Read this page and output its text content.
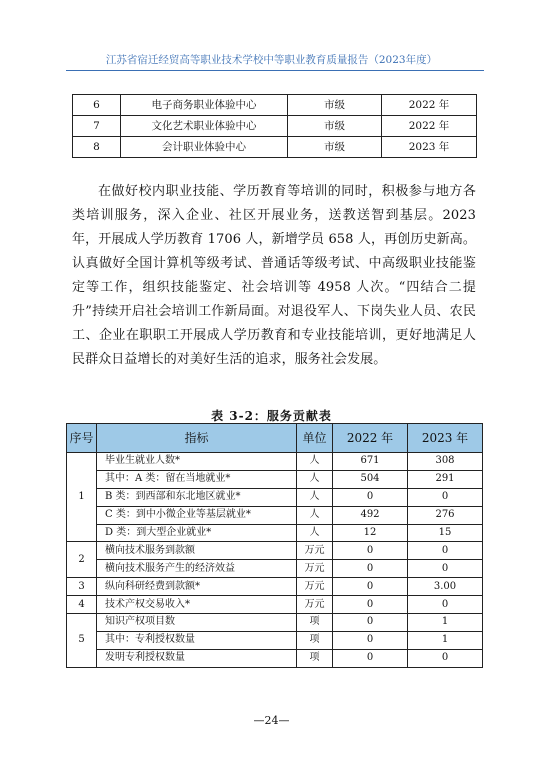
江苏省宿迁经贸高等职业技术学校中等职业教育质量报告（2023年度）
6	电子商务职业体验中心	市级	2022 年
7	文化艺术职业体验中心	市级	2022 年
8	会计职业体验中心	市级	2023 年
在做好校内职业技能、学历教育等培训的同时，积极参与地方各类培训服务，深入企业、社区开展业务，送教送智到基层。2023 年，开展成人学历教育 1706 人，新增学员 658 人，再创历史新高。认真做好全国计算机等级考试、普通话等级考试、中高级职业技能鉴定等工作，组织技能鉴定、社会培训等 4958 人次。“四结合二提升”持续开启社会培训工作新局面。对退役军人、下岗失业人员、农民工、企业在职职工开展成人学历教育和专业技能培训，更好地满足人民群众日益增长的对美好生活的追求，服务社会发展。
表 3-2：服务贡献表
序号	指标	单位	2022 年	2023 年
1	毕业生就业人数*	人	671	308
	其中：A 类：留在当地就业*	人	504	291
	B 类：到西部和东北地区就业*	人	0	0
	C 类：到中小微企业等基层就业*	人	492	276
	D 类：到大型企业就业*	人	12	15
2	横向技术服务到款额	万元	0	0
	横向技术服务产生的经济效益	万元	0	0
3	纵向科研经费到款额*	万元	0	3.00
4	技术产权交易收入*	万元	0	0
5	知识产权项目数	项	0	1
	其中：专利授权数量	项	0	1
	发明专利授权数量	项	0	0
—24—
